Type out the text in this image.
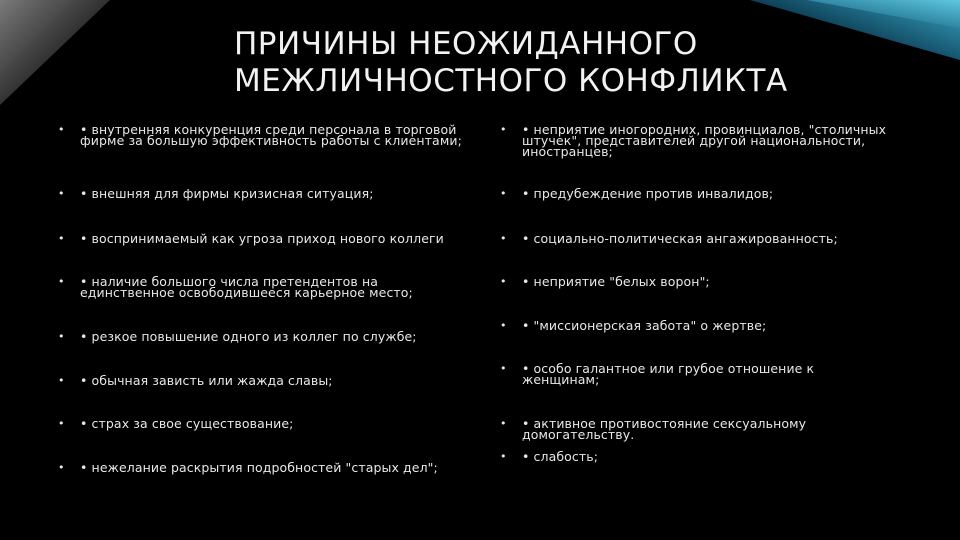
ПРИЧИНЫ НЕОЖИДАННОГО
МЕЖЛИЧНОСТНОГО КОНФЛИКТА
•	• внутренняя конкуренция среди персонала в торговой фирме за большую эффективность работы с клиентами;
•	• внешняя для фирмы кризисная ситуация;
•	• воспринимаемый как угроза приход нового коллеги
•	• наличие большого числа претендентов на единственное освободившееся карьерное место;
•	• резкое повышение одного из коллег по службе;
•	• обычная зависть или жажда славы;
•	• страх за свое существование;
•	• нежелание раскрытия подробностей "старых дел";
•	• неприятие иногородних, провинциалов, "столичных штучек", представителей другой национальности, иностранцев;
•	• предубеждение против инвалидов;
•	• социально-политическая ангажированность;
•	• неприятие "белых ворон";
•	• "миссионерская забота" о жертве;
•	• особо галантное или грубое отношение к женщинам;
•	• активное противостояние сексуальному домогательству.
•	• слабость;
